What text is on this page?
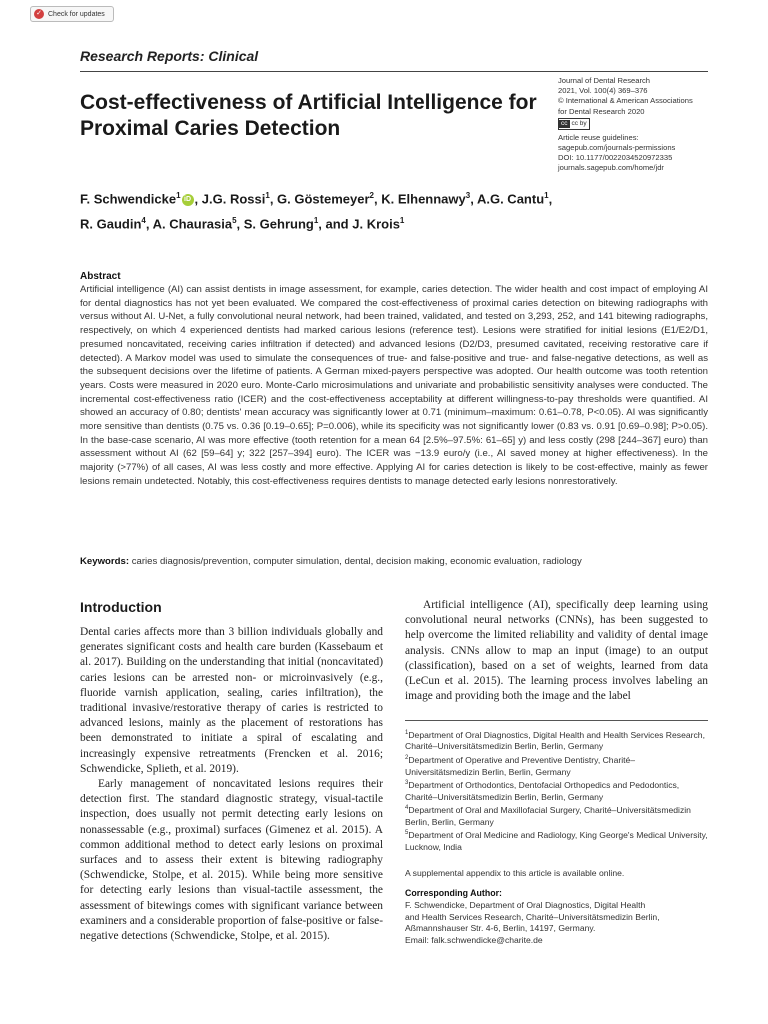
✓ Check for updates
Research Reports: Clinical
Cost-effectiveness of Artificial Intelligence for Proximal Caries Detection
Journal of Dental Research
2021, Vol. 100(4) 369–376
© International & American Associations
for Dental Research 2020
cc cc by
Article reuse guidelines:
sagepub.com/journals-permissions
DOI: 10.1177/0022034520972335
journals.sagepub.com/home/jdr
F. Schwendicke$^1$ iD , J.G. Rossi$^1$, G. Göstemeyer$^2$, K. Elhennawy$^3$, A.G. Cantu$^1$,
R. Gaudin$^4$, A. Chaurasia$^5$, S. Gehrung$^1$, and J. Krois$^1$
Abstract
Artificial intelligence (AI) can assist dentists in image assessment, for example, caries detection. The wider health and cost impact of employing AI for dental diagnostics has not yet been evaluated. We compared the cost-effectiveness of proximal caries detection on bitewing radiographs with versus without AI. U-Net, a fully convolutional neural network, had been trained, validated, and tested on 3,293, 252, and 141 bitewing radiographs, respectively, on which 4 experienced dentists had marked carious lesions (reference test). Lesions were stratified for initial lesions (E1/E2/D1, presumed noncavitated, receiving caries infiltration if detected) and advanced lesions (D2/D3, presumed cavitated, receiving restorative care if detected). A Markov model was used to simulate the consequences of true- and false-positive and true- and false-negative detections, as well as the subsequent decisions over the lifetime of patients. A German mixed-payers perspective was adopted. Our health outcome was tooth retention years. Costs were measured in 2020 euro. Monte-Carlo microsimulations and univariate and probabilistic sensitivity analyses were conducted. The incremental cost-effectiveness ratio (ICER) and the cost-effectiveness acceptability at different willingness-to-pay thresholds were quantified. AI showed an accuracy of 0.80; dentists' mean accuracy was significantly lower at 0.71 (minimum–maximum: 0.61–0.78, P<0.05). AI was significantly more sensitive than dentists (0.75 vs. 0.36 [0.19–0.65]; P=0.006), while its specificity was not significantly lower (0.83 vs. 0.91 [0.69–0.98]; P>0.05). In the base-case scenario, AI was more effective (tooth retention for a mean 64 [2.5%–97.5%: 61–65] y) and less costly (298 [244–367] euro) than assessment without AI (62 [59–64] y; 322 [257–394] euro). The ICER was −13.9 euro/y (i.e., AI saved money at higher effectiveness). In the majority (>77%) of all cases, AI was less costly and more effective. Applying AI for caries detection is likely to be cost-effective, mainly as fewer lesions remain undetected. Notably, this cost-effectiveness requires dentists to manage detected early lesions nonrestoratively.
Keywords: caries diagnosis/prevention, computer simulation, dental, decision making, economic evaluation, radiology
Introduction

Dental caries affects more than 3 billion individuals globally and generates significant costs and health care burden (Kassebaum et al. 2017). Building on the understanding that initial (noncavitated) caries lesions can be arrested non- or microinvasively (e.g., fluoride varnish application, sealing, caries infiltration), the traditional invasive/restorative therapy of caries is restricted to advanced lesions, mainly as the placement of restorations has been demonstrated to initiate a spiral of escalating and increasingly expensive retreatments (Frencken et al. 2016; Schwendicke, Splieth, et al. 2019).

Early management of noncavitated lesions requires their detection first. The standard diagnostic strategy, visual-tactile inspection, does usually not permit detecting early lesions on nonassessable (e.g., proximal) surfaces (Gimenez et al. 2015). A common additional method to detect early lesions on proximal surfaces and to assess their extent is bitewing radiography (Schwendicke, Stolpe, et al. 2015). While being more sensitive for detecting early lesions than visual-tactile assessment, the assessment of bitewings comes with significant variance between examiners and a considerable proportion of false-positive or false-negative detections (Schwendicke, Stolpe, et al. 2015).

Artificial intelligence (AI), specifically deep learning using convolutional neural networks (CNNs), has been suggested to help overcome the limited reliability and validity of dental image analysis. CNNs allow to map an input (image) to an output (classification), based on a set of weights, learned from data (LeCun et al. 2015). The learning process involves labeling an image and providing both the image and the label

$^1$Department of Oral Diagnostics, Digital Health and Health Services Research, Charité–Universitätsmedizin Berlin, Berlin, Germany
$^2$Department of Operative and Preventive Dentistry, Charité–Universitätsmedizin Berlin, Berlin, Germany
$^3$Department of Orthodontics, Dentofacial Orthopedics and Pedodontics, Charité–Universitätsmedizin Berlin, Berlin, Germany
$^4$Department of Oral and Maxillofacial Surgery, Charité–Universitätsmedizin Berlin, Berlin, Germany
$^5$Department of Oral Medicine and Radiology, King George's Medical University, Lucknow, India
A supplemental appendix to this article is available online.
Corresponding Author:
F. Schwendicke, Department of Oral Diagnostics, Digital Health
and Health Services Research, Charité–Universitätsmedizin Berlin,
Aßmannshauser Str. 4-6, Berlin, 14197, Germany.
Email: falk.schwendicke@charite.de
